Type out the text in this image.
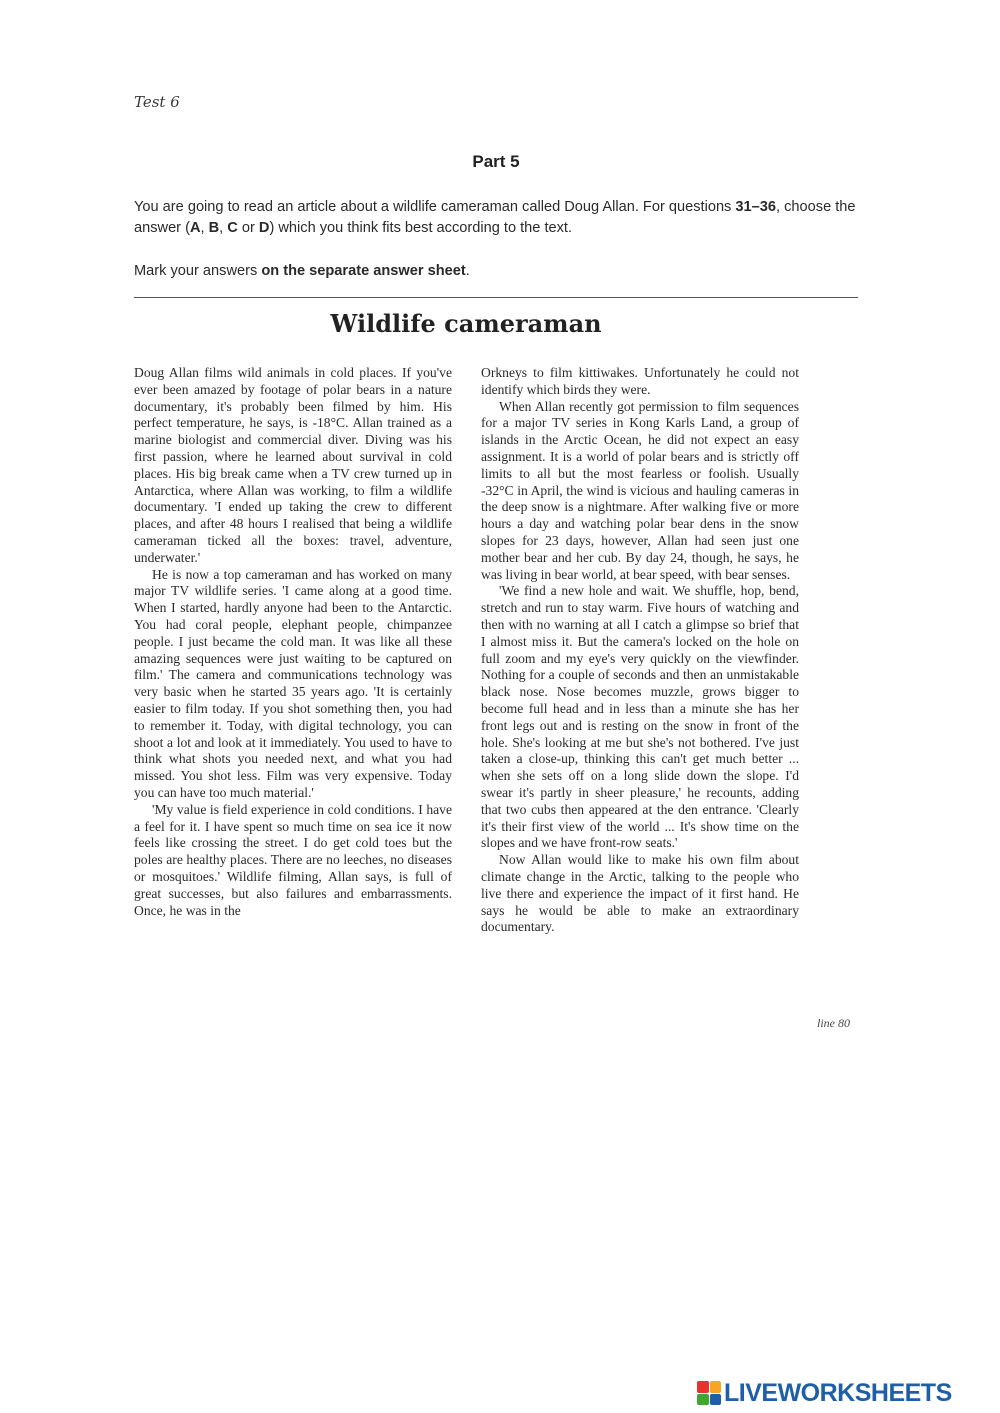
Test 6
Part 5

You are going to read an article about a wildlife cameraman called Doug Allan. For questions 31–36, choose the answer (A, B, C or D) which you think fits best according to the text.

Mark your answers on the separate answer sheet.

Wildlife cameraman

Doug Allan films wild animals in cold places. If you've ever been amazed by footage of polar bears in a nature documentary, it's probably been filmed by him. His perfect temperature, he says, is -18°C. Allan trained as a marine biologist and commercial diver. Diving was his first passion, where he learned about survival in cold places. His big break came when a TV crew turned up in Antarctica, where Allan was working, to film a wildlife documentary. 'I ended up taking the crew to different places, and after 48 hours I realised that being a wildlife cameraman ticked all the boxes: travel, adventure, underwater.'

He is now a top cameraman and has worked on many major TV wildlife series. 'I came along at a good time. When I started, hardly anyone had been to the Antarctic. You had coral people, elephant people, chimpanzee people. I just became the cold man. It was like all these amazing sequences were just waiting to be captured on film.' The camera and communications technology was very basic when he started 35 years ago. 'It is certainly easier to film today. If you shot something then, you had to remember it. Today, with digital technology, you can shoot a lot and look at it immediately. You used to have to think what shots you needed next, and what you had missed. You shot less. Film was very expensive. Today you can have too much material.'

'My value is field experience in cold conditions. I have a feel for it. I have spent so much time on sea ice it now feels like crossing the street. I do get cold toes but the poles are healthy places. There are no leeches, no diseases or mosquitoes.' Wildlife filming, Allan says, is full of great successes, but also failures and embarrassments. Once, he was in the

Orkneys to film kittiwakes. Unfortunately he could not identify which birds they were.

When Allan recently got permission to film sequences for a major TV series in Kong Karls Land, a group of islands in the Arctic Ocean, he did not expect an easy assignment. It is a world of polar bears and is strictly off limits to all but the most fearless or foolish. Usually -32°C in April, the wind is vicious and hauling cameras in the deep snow is a nightmare. After walking five or more hours a day and watching polar bear dens in the snow slopes for 23 days, however, Allan had seen just one mother bear and her cub. By day 24, though, he says, he was living in bear world, at bear speed, with bear senses.

'We find a new hole and wait. We shuffle, hop, bend, stretch and run to stay warm. Five hours of watching and then with no warning at all I catch a glimpse so brief that I almost miss it. But the camera's locked on the hole on full zoom and my eye's very quickly on the viewfinder. Nothing for a couple of seconds and then an unmistakable black nose. Nose becomes muzzle, grows bigger to become full head and in less than a minute she has her front legs out and is resting on the snow in front of the hole. She's looking at me but she's not bothered. I've just taken a close-up, thinking this can't get much better ... when she sets off on a long slide down the slope. I'd swear it's partly in sheer pleasure,' he recounts, adding that two cubs then appeared at the den entrance. 'Clearly it's their first view of the world ... It's show time on the slopes and we have front-row seats.'

Now Allan would like to make his own film about climate change in the Arctic, talking to the people who live there and experience the impact of it first hand. He says he would be able to make an extraordinary documentary.

line 80
LIVEWORKSHEETS
